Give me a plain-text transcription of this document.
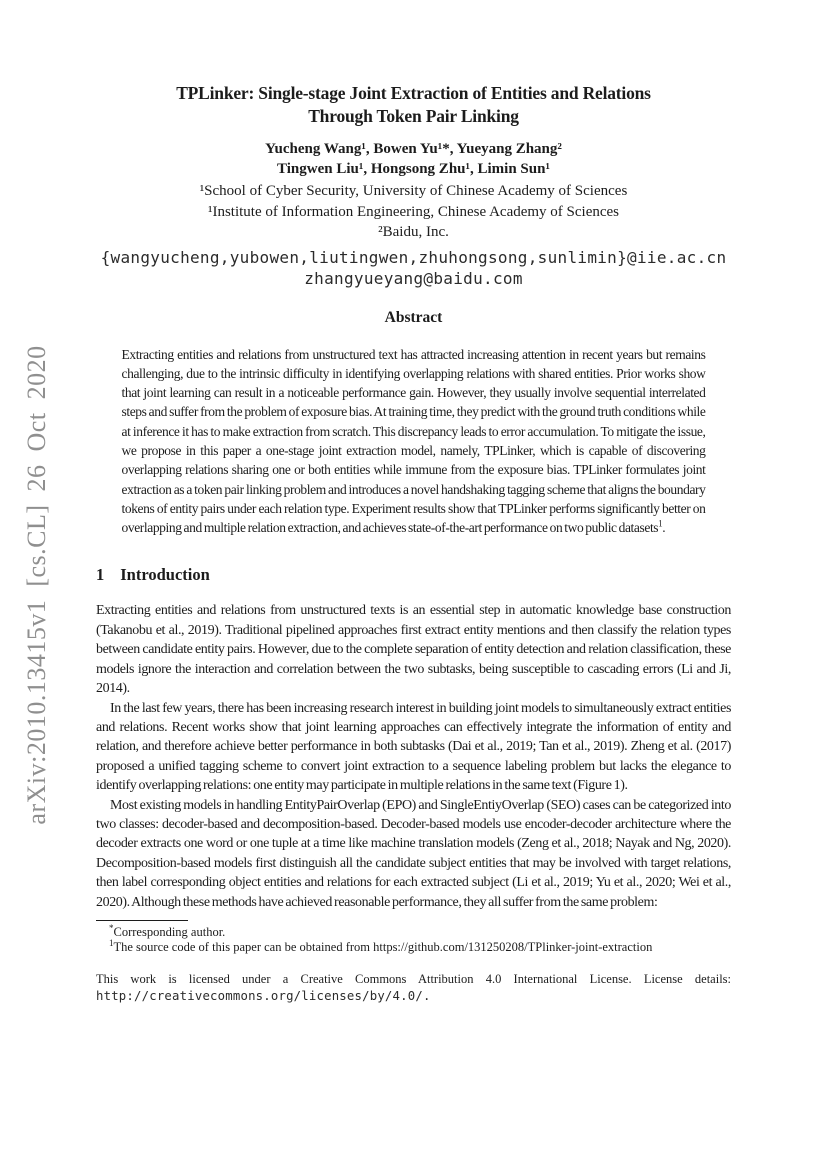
arXiv:2010.13415v1 [cs.CL] 26 Oct 2020
TPLinker: Single-stage Joint Extraction of Entities and Relations
Through Token Pair Linking
Yucheng Wang¹, Bowen Yu¹*, Yueyang Zhang²
Tingwen Liu¹, Hongsong Zhu¹, Limin Sun¹
¹School of Cyber Security, University of Chinese Academy of Sciences
¹Institute of Information Engineering, Chinese Academy of Sciences
²Baidu, Inc.
{wangyucheng,yubowen,liutingwen,zhuhongsong,sunlimin}@iie.ac.cn
zhangyueyang@baidu.com
Abstract

Extracting entities and relations from unstructured text has attracted increasing attention in recent years but remains challenging, due to the intrinsic difficulty in identifying overlapping relations with shared entities. Prior works show that joint learning can result in a noticeable performance gain. However, they usually involve sequential interrelated steps and suffer from the problem of exposure bias. At training time, they predict with the ground truth conditions while at inference it has to make extraction from scratch. This discrepancy leads to error accumulation. To mitigate the issue, we propose in this paper a one-stage joint extraction model, namely, TPLinker, which is capable of discovering overlapping relations sharing one or both entities while immune from the exposure bias. TPLinker formulates joint extraction as a token pair linking problem and introduces a novel handshaking tagging scheme that aligns the boundary tokens of entity pairs under each relation type. Experiment results show that TPLinker performs significantly better on overlapping and multiple relation extraction, and achieves state-of-the-art performance on two public datasets$^1$.

1 Introduction

Extracting entities and relations from unstructured texts is an essential step in automatic knowledge base construction (Takanobu et al., 2019). Traditional pipelined approaches first extract entity mentions and then classify the relation types between candidate entity pairs. However, due to the complete separation of entity detection and relation classification, these models ignore the interaction and correlation between the two subtasks, being susceptible to cascading errors (Li and Ji, 2014).

In the last few years, there has been increasing research interest in building joint models to simultaneously extract entities and relations. Recent works show that joint learning approaches can effectively integrate the information of entity and relation, and therefore achieve better performance in both subtasks (Dai et al., 2019; Tan et al., 2019). Zheng et al. (2017) proposed a unified tagging scheme to convert joint extraction to a sequence labeling problem but lacks the elegance to identify overlapping relations: one entity may participate in multiple relations in the same text (Figure 1).

Most existing models in handling EntityPairOverlap (EPO) and SingleEntiyOverlap (SEO) cases can be categorized into two classes: decoder-based and decomposition-based. Decoder-based models use encoder-decoder architecture where the decoder extracts one word or one tuple at a time like machine translation models (Zeng et al., 2018; Nayak and Ng, 2020). Decomposition-based models first distinguish all the candidate subject entities that may be involved with target relations, then label corresponding object entities and relations for each extracted subject (Li et al., 2019; Yu et al., 2020; Wei et al., 2020). Although these methods have achieved reasonable performance, they all suffer from the same problem:

*Corresponding author.

$^1$The source code of this paper can be obtained from https://github.com/131250208/TPlinker-joint-extraction

This work is licensed under a Creative Commons Attribution 4.0 International License. License details: http://creativecommons.org/licenses/by/4.0/.
